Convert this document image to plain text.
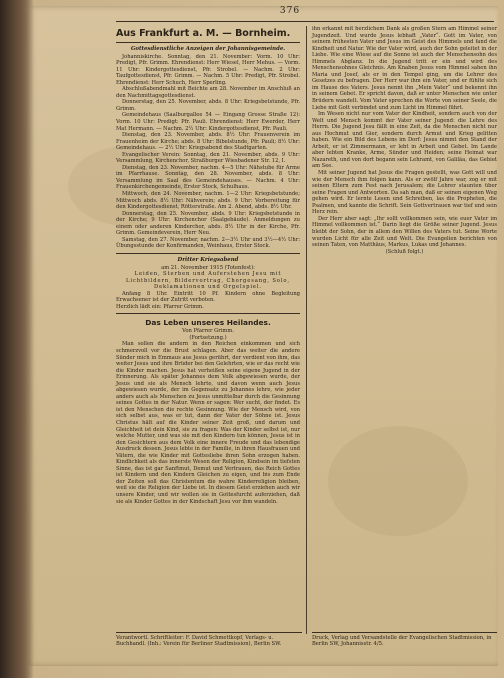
376
Aus Frankfurt a. M. — Bornheim.
Gottesdienstliche Anzeigen der Johannisgemeinde.

Johanniskirche. Sonntag, den 21. November: Vorm. 10 Uhr: Predigt, Pfr. Grimm. Ehrendienst: Herr Wiesel, Herr Mehus. — Vorm. 11 Uhr: Kindergottesdienst, Pfr. Strobel. — Nachm. 2 Uhr: Taufgottesdienst, Pfr. Grimm. — Nachm. 5 Uhr: Predigt, Pfr. Strobel. Ehrendienst: Herr Schuch, Herr Sperling.

Abschlußabendmahl mit Beichte am 28. November im Anschluß an den Nachmittagsgottesdienst.

Donnerstag, den 25. November, abds. 8 Uhr: Kriegsbetstunde, Pfr. Grimm.

Gemeindehaus (Saalburgallee 54 — Eingang Grosse Straße 12): Vorm. 10 Uhr: Predigt: Pfr. Pauli. Ehrendienst: Herr Ewerder, Herr Mat Hermann. — Nachm. 2½ Uhr: Kindergottesdienst, Pfr. Pauli.

Dienstag, den 23. November, abds. 8½ Uhr: Frauenverein im Frauenheim der Kirche; abds. 8 Uhr: Bibelstunde, Pfr. Pauli; 8½ Uhr: Gemeindehaus. — 2½ Uhr: Kriegsabend des Stadtgarten.

Evangelischer Verein: Sonntag, den 21. November, abds. 9 Uhr: Versammlung, Kirchenchor, Straßburger Wiesbadener Str. 12, I.

Dienstag, den 23. November, nachm. 4—5 Uhr: Nähstube für Arme im Pfarrhause. Sonntag, den 28. November, abds. 8 Uhr: Versammlung im Saal des Gemeindehauses. — Nachm. 4 Uhr: Frauenkirchengemeinde, Erster Stock, Schulhaus.

Mittwoch, den 24. November, nachm. 1—2 Uhr: Kriegsbetstunde; Mittwoch abds. 8½ Uhr: Nähverein; abds. 9 Uhr: Vorbereitung für den Kindergottesdienst, Rötterstraße. Am 2. Abend, abds. 8½ Uhr.

Donnerstag, den 25. November, abds. 9 Uhr: Kriegsbetstunde in der Kirche; 9 Uhr: Kirchenchor (Saalgebäude). Anmeldungen zu einem oder anderen Kinderchor, abds. 8½ Uhr in der Kirche, Pfr. Grimm. Gemeindeverein, Herr Neu.

Samstag, den 27. November, nachm. 2—3½ Uhr und 3½—4½ Uhr: Übungsstunde der Konfirmanden, Weinhaus, Erster Stock.

Dritter Kriegsabend

am 21. November 1915 (Totenfest):

Leiden, Sterben und Auferstehen Jesu mit Lichtbildern, Bildervortrag, Chorgesang, Solo, Deklamationen und Orgelspiel.

Anfang 8 Uhr. Eintritt 10 Pf. Kindern ohne Begleitung Erwachsener ist der Zutritt verboten.

Herzlich lädt ein: Pfarrer Grimm.

Das Leben unseres Heilandes.

Von Pfarrer Grimm.

(Fortsetzung.)

Man sollen die andern in den Reichen einkommen und sich schmerzvoll vor die Brust schlagen. Aber das weiter die andere Sünder mich in Emmaus aus Jesus gerührt, der verdient von ihm, das weiter Jesus und ihre Brüder bei den Gelehrten, wie er das recht wie die Kinder machen. Jesus hat verheißen seine eigene Jugend in der Erinnerung. Als später Johannes dem Volk abgewiesen wurde, der Jesus und sie als Mensch lehrte, und davon wenn auch Jesus abgewiesen wurde, der im Gegensatz zu Johannes lehre, wie jeder anders auch als Menschen zu Jesus unmittelbar durch die Gesinnung seines Gottes in der Natur. Wenn er sagen: Wer sucht, der findet. Es ist den Menschen die rechte Gesinnung. Wie der Mensch wird, von sich selbst aus, was er tut, dann der Vater der Söhne ist. Jesus Christus hält auf die Kinder seiner Zeit groß, und darum und Gleichheit ist dein Kind, sie zu fragen: Was der Kinder selbst ist, nur welche Mutter, und was sie mit den Kindern tun können, Jesus ist in den Gesichtern aus dem Volk eine innere Freude und das lebendige Ausdruck dessen. Jesus lebte in der Familie, in ihren Hausfrauen und Vätern, die wie Kinder mit Gottesliebe ihren Sohn erzogen haben. Kindlichkeit als das innerste Wesen der Religion, Kindsein im tiefsten Sinne, das ist gar Sanftmut, Demut und Vertrauen, das Reich Gottes ist Kindern und den Kindern Gleichen zu eigen, und bis zum Ende der Zeiten soll das Christentum die wahre Kinderreligion bleiben, weil sie die Religion der Liebe ist. In diesem Geist erziehen auch wir unsere Kinder, und wir wollen sie in Gottesfurcht auferziehen, daß sie als Kinder Gottes in der Kindschaft Jesu vor ihm wandeln.

ihn erkannt mit herzlichem Dank als großen Stern am Himmel seiner Jugendzeit. Und wurde Jesus lebhaft „Vater“. Gott im Vater, von seinem frühesten Vater und Jesus im Geist des Himmels und fand die Kindheit und Natur. Wie der Vater wird, auch der Sohn geleitet in der Liebe. Wie eine Wiese auf die Sonne ist auch der Menschensohn des Himmels Abglanz. In die Jugend tritt er ein und wird des Menschensohnes Gleichnis. Am Knaben Jesus vom Himmel sahen ihn Maria und Josef, als er in den Tempel ging, um die Lehrer des Gesetzes zu befragen. Der Herr war ihm ein Vater, und er fühlte sich im Hause des Vaters. Jesus nennt ihn „Mein Vater“ und bekennt ihn in seinem Gebet. Er spricht davon, daß er unter Menschen wie unter Brüdern wandelt. Vom Vater sprechen die Worte von seiner Seele, die Liebe mit Gott verbindet und zum Licht im Himmel führt.

Im Wesen nicht nur vom Vater der Kindheit, sondern auch von der Welt und Mensch kommt der Vater seiner Jugend: die Lehre des Herrn. Die Jugend Jesu fällt in eine Zeit, da die Menschen nicht nur aus Hochmut und Gier, sondern durch Armut und Krieg gelitten haben. Wie ein Bild des Lebens im Dorf: Jesus nimmt den Stand der Arbeit, er ist Zimmermann, er lebt in Arbeit und Gebet. Im Lande aber lebten Kranke, Arme, Sünder und Heiden; seine Heimat war Nazareth, und von dort begann sein Lehramt, von Galiläa, das Gebiet am See.

Mit seiner Jugend hat Jesus die Fragen gestellt, was Gott will und wie der Mensch ihm folgen kann. Als er zwölf Jahre war, zog er mit seinen Eltern zum Fest nach Jerusalem; die Lehrer staunten über seine Fragen und Antworten. Da sah man, daß er seinen eigenen Weg gehen wird. Er lernte Lesen und Schreiben, las die Propheten, die Psalmen, und kannte die Schrift. Sein Gottvertrauen war tief und sein Herz rein.

Der Herr aber sagt: „Ihr sollt vollkommen sein, wie euer Vater im Himmel vollkommen ist.“ Darin liegt die Größe seiner Jugend. Jesus bleibt der Sohn, der in allem den Willen des Vaters tut. Seine Worte wurden Licht für alle Zeit und Welt. Die Evangelien berichten von seinen Taten, von Matthäus, Markus, Lukas und Johannes.

(Schluß folgt.)

Verantwortl. Schriftleiter: F. David Schmettkopf, Verlags- u. Buchhandl. (Inh.: Verein für Berliner Stadtmission), Berlin SW.
Druck, Verlag und Versandstelle der Evangelischen Stadtmission, in Berlin SW, Johannisstr. 4/5.
